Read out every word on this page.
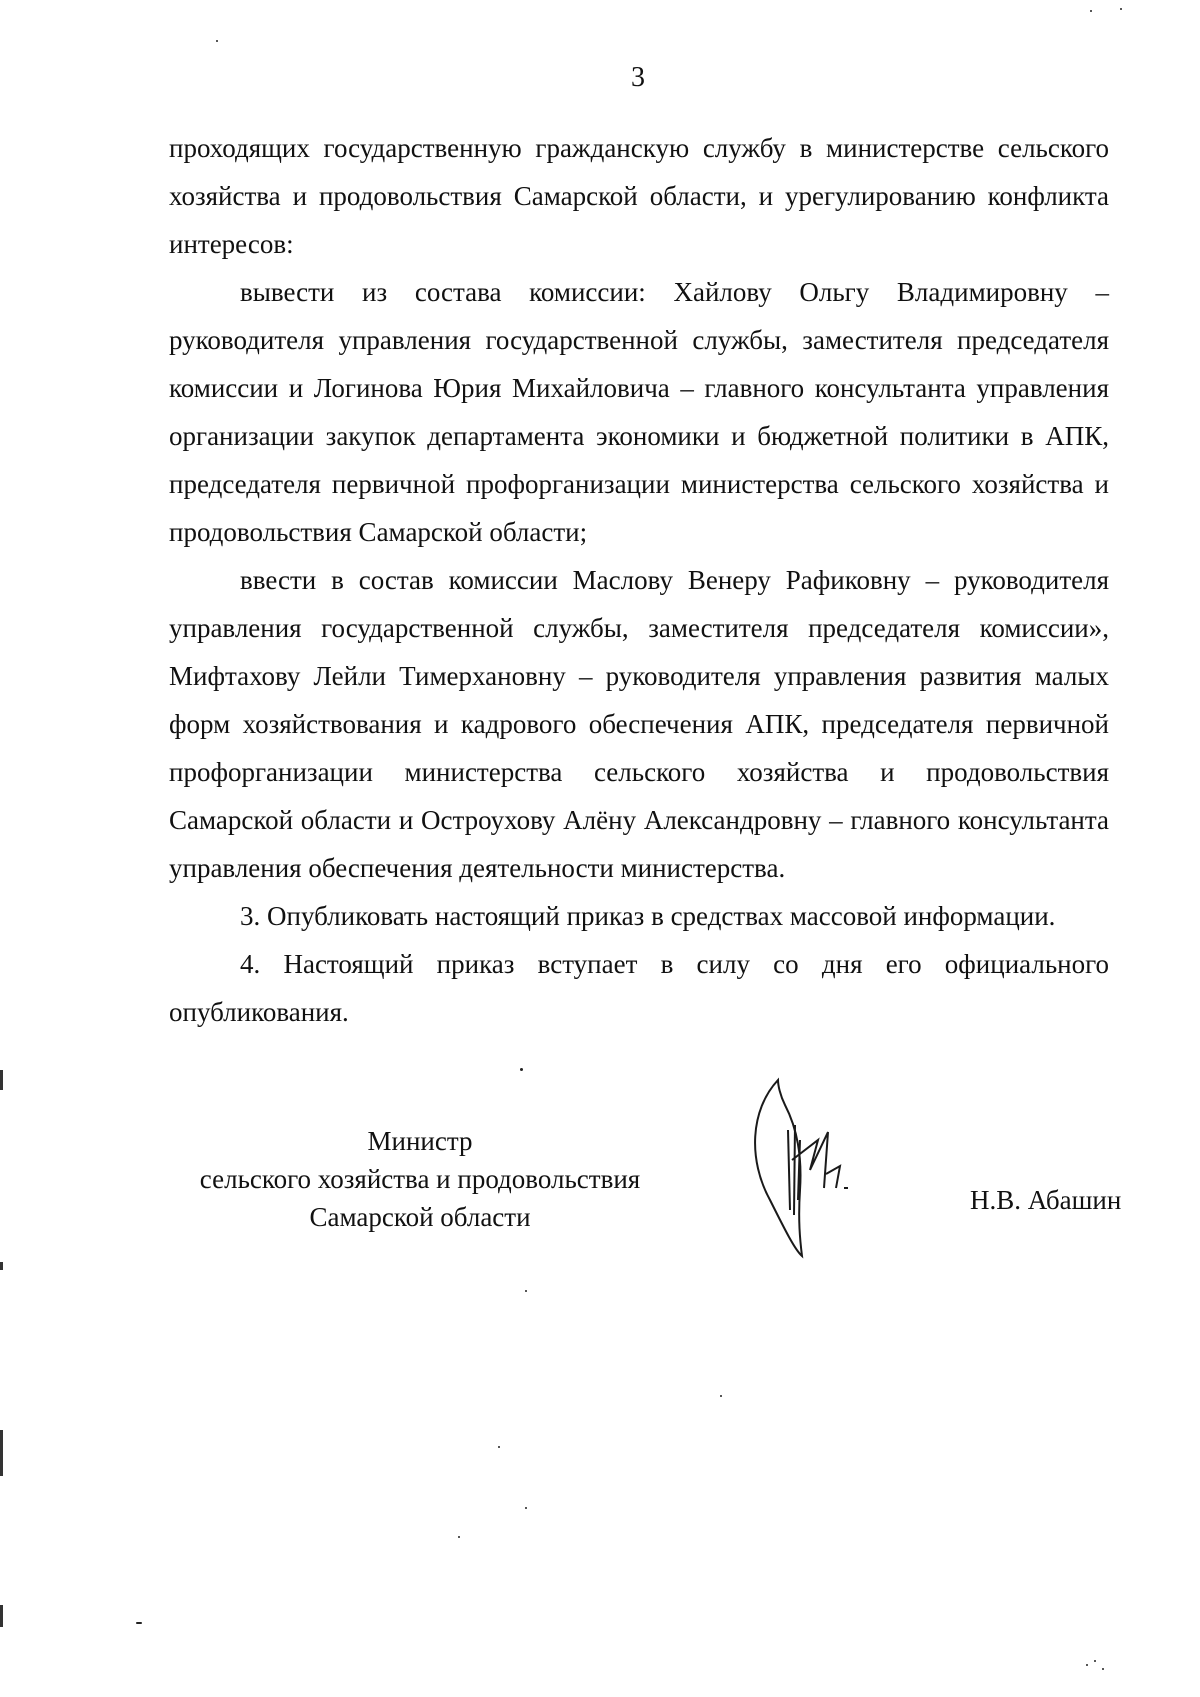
3

проходящих государственную гражданскую службу в министерстве сельского хозяйства и продовольствия Самарской области, и урегулированию конфликта интересов:

вывести из состава комиссии: Хайлову Ольгу Владимировну – руководителя управления государственной службы, заместителя председателя комиссии и Логинова Юрия Михайловича – главного консультанта управления организации закупок департамента экономики и бюджетной политики в АПК, председателя первичной профорганизации министерства сельского хозяйства и продовольствия Самарской области;

ввести в состав комиссии Маслову Венеру Рафиковну – руководителя управления государственной службы, заместителя председателя комиссии», Мифтахову Лейли Тимерхановну – руководителя управления развития малых форм хозяйствования и кадрового обеспечения АПК, председателя первичной профорганизации министерства сельского хозяйства и продовольствия Самарской области и Остроухову Алёну Александровну – главного консультанта управления обеспечения деятельности министерства.

3. Опубликовать настоящий приказ в средствах массовой информации.

4. Настоящий приказ вступает в силу со дня его официального опубликования.

Министр
сельского хозяйства и продовольствия
Самарской области
Н.В. Абашин
